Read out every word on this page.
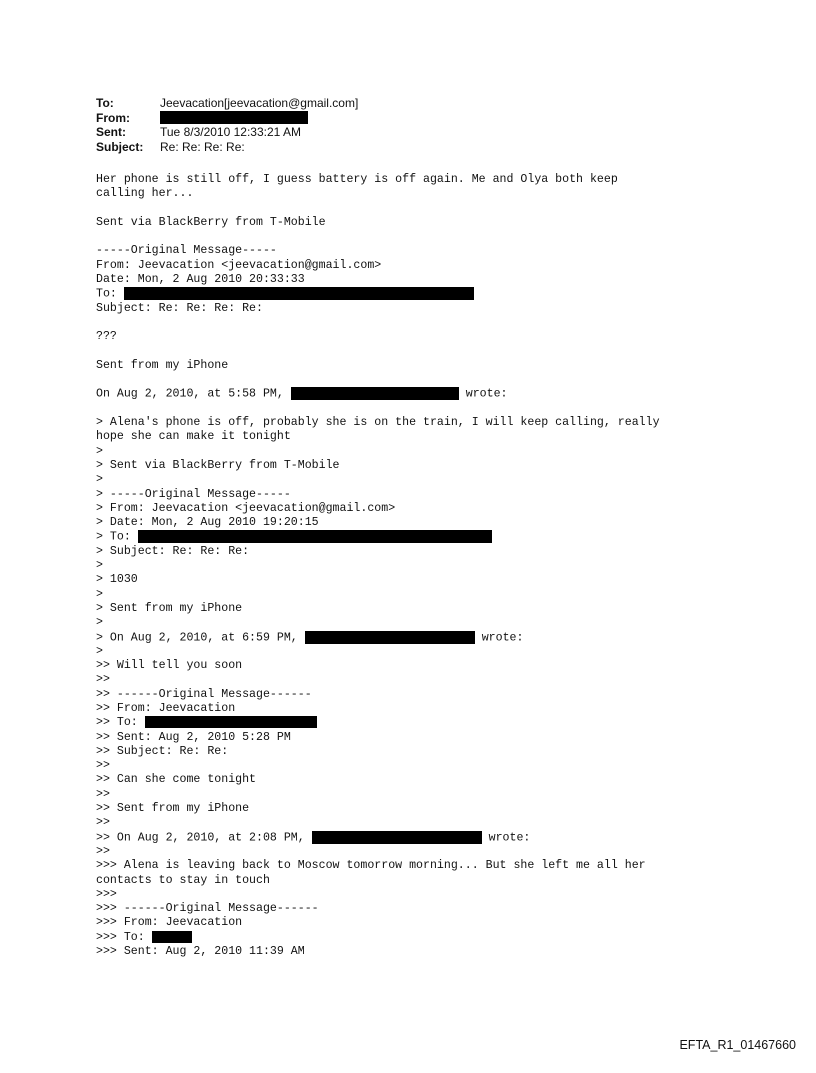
To:	Jeevacation[jeevacation@gmail.com]
From:
Sent:	Tue 8/3/2010 12:33:21 AM
Subject:	Re: Re: Re: Re:
Her phone is still off, I guess battery is off again. Me and Olya both keep
calling her...
Sent via BlackBerry from T-Mobile
-----Original Message-----
From: Jeevacation <jeevacation@gmail.com>
Date: Mon, 2 Aug 2010 20:33:33
To:
Subject: Re: Re: Re: Re:
???
Sent from my iPhone
On Aug 2, 2010, at 5:58 PM,	wrote:
> Alena's phone is off, probably she is on the train, I will keep calling, really
hope she can make it tonight
>
> Sent via BlackBerry from T-Mobile
>
> -----Original Message-----
> From: Jeevacation <jeevacation@gmail.com>
> Date: Mon, 2 Aug 2010 19:20:15
> To:
> Subject: Re: Re: Re:
>
> 1030
>
> Sent from my iPhone
>
> On Aug 2, 2010, at 6:59 PM,	wrote:
>
>> Will tell you soon
>>
>> ------Original Message------
>> From: Jeevacation
>> To:
>> Sent: Aug 2, 2010 5:28 PM
>> Subject: Re: Re:
>>
>> Can she come tonight
>>
>> Sent from my iPhone
>>
>> On Aug 2, 2010, at 2:08 PM,	wrote:
>>
>>> Alena is leaving back to Moscow tomorrow morning... But she left me all her
contacts to stay in touch
>>>
>>> ------Original Message------
>>> From: Jeevacation
>>> To:
>>> Sent: Aug 2, 2010 11:39 AM
EFTA_R1_01467660
